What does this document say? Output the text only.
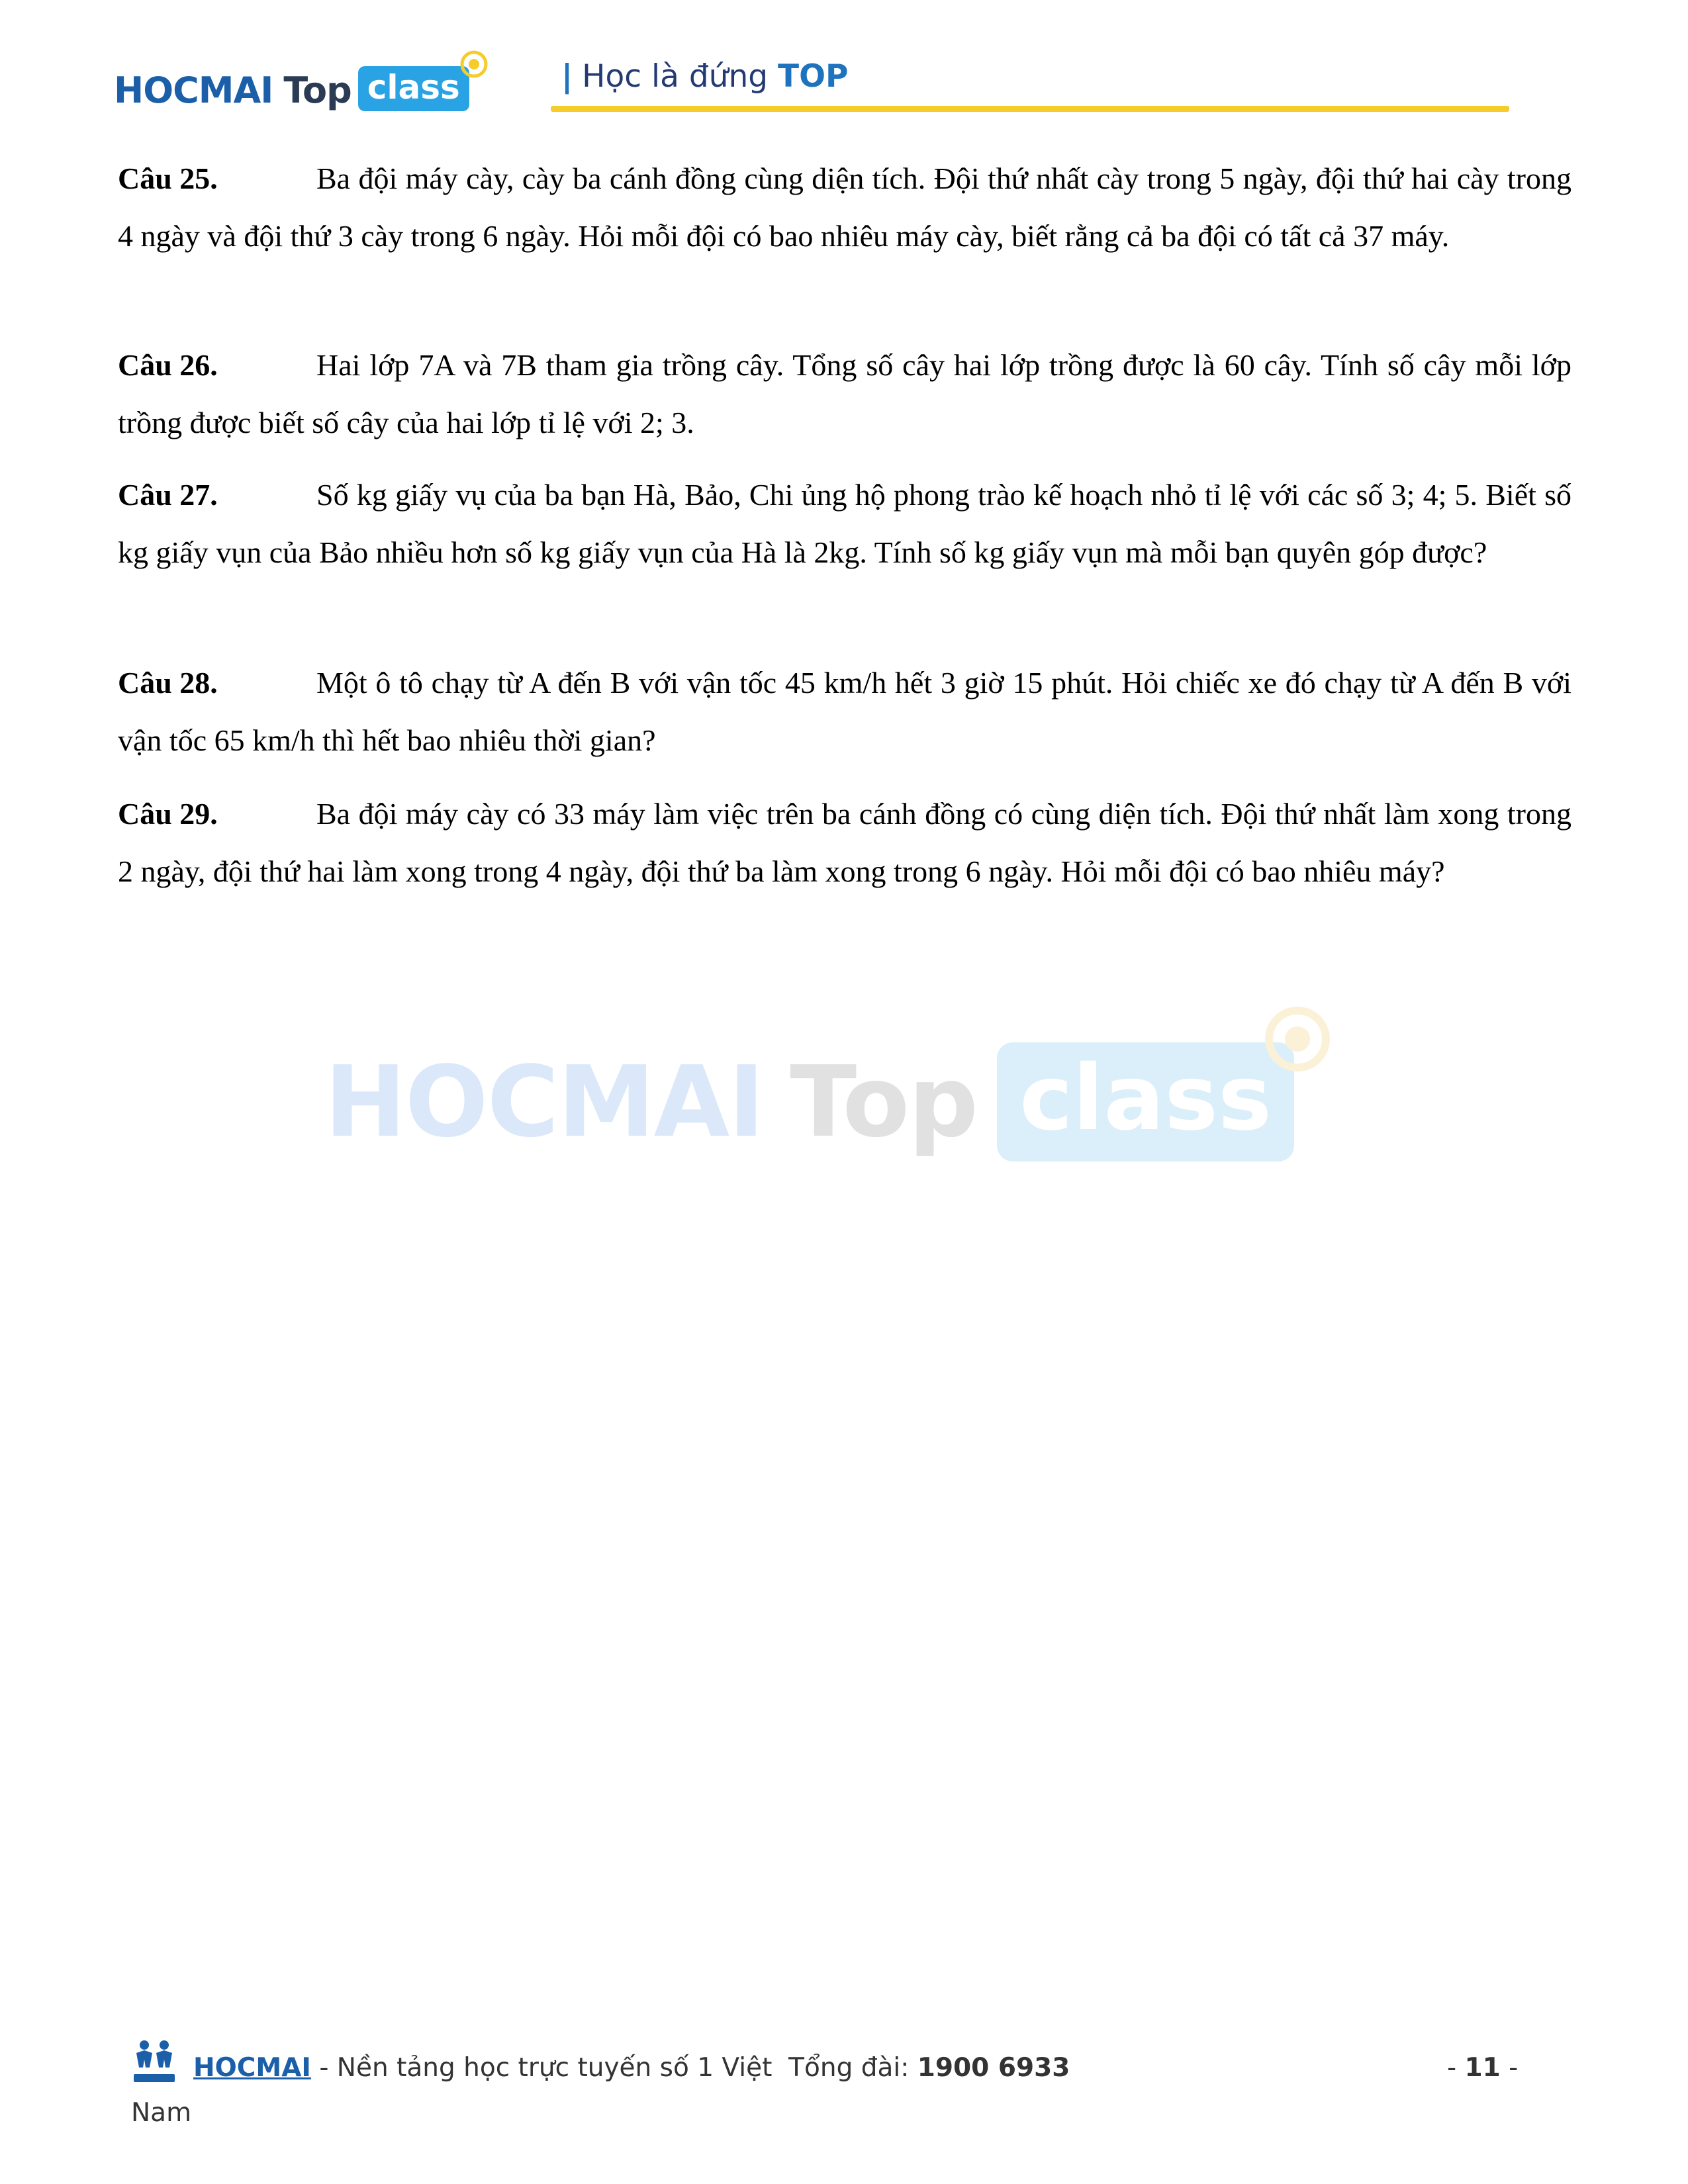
HOCMAI Top class	| Học là đứng TOP
Câu 25.	Ba đội máy cày, cày ba cánh đồng cùng diện tích. Đội thứ nhất cày trong 5 ngày, đội thứ hai cày trong 4 ngày và đội thứ 3 cày trong 6 ngày. Hỏi mỗi đội có bao nhiêu máy cày, biết rằng cả ba đội có tất cả 37 máy.
Câu 26.	Hai lớp 7A và 7B tham gia trồng cây. Tổng số cây hai lớp trồng được là 60 cây. Tính số cây mỗi lớp trồng được biết số cây của hai lớp tỉ lệ với 2; 3.
Câu 27.	Số kg giấy vụ của ba bạn Hà, Bảo, Chi ủng hộ phong trào kế hoạch nhỏ tỉ lệ với các số 3; 4; 5. Biết số kg giấy vụn của Bảo nhiều hơn số kg giấy vụn của Hà là 2kg. Tính số kg giấy vụn mà mỗi bạn quyên góp được?
Câu 28.	Một ô tô chạy từ A đến B với vận tốc 45 km/h hết 3 giờ 15 phút. Hỏi chiếc xe đó chạy từ A đến B với vận tốc 65 km/h thì hết bao nhiêu thời gian?
Câu 29.	Ba đội máy cày có 33 máy làm việc trên ba cánh đồng có cùng diện tích. Đội thứ nhất làm xong trong 2 ngày, đội thứ hai làm xong trong 4 ngày, đội thứ ba làm xong trong 6 ngày. Hỏi mỗi đội có bao nhiêu máy?
HOCMAI Top class
HOCMAI - Nền tảng học trực tuyến số 1 Việt Tổng đài: 1900 6933
Nam
- 11 -
